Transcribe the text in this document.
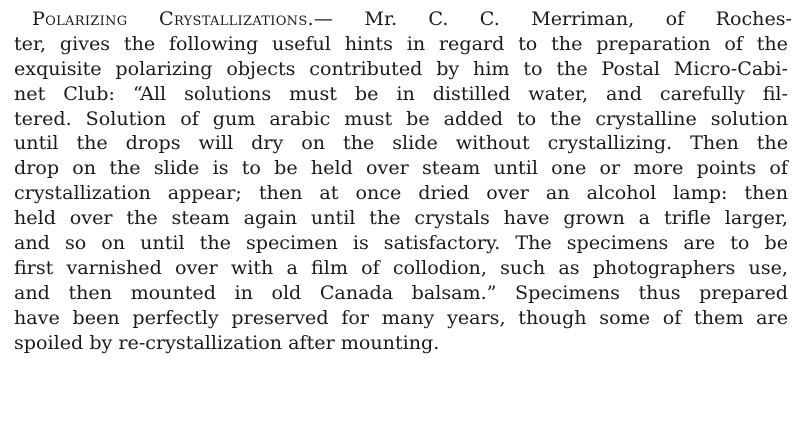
Polarizing Crystallizations.— Mr. C. C. Merriman, of Roches-
ter, gives the following useful hints in regard to the preparation of the
exquisite polarizing objects contributed by him to the Postal Micro-Cabi-
net Club: “All solutions must be in distilled water, and carefully fil-
tered. Solution of gum arabic must be added to the crystalline solution
until the drops will dry on the slide without crystallizing. Then the
drop on the slide is to be held over steam until one or more points of
crystallization appear; then at once dried over an alcohol lamp: then
held over the steam again until the crystals have grown a trifle larger,
and so on until the specimen is satisfactory. The specimens are to be
first varnished over with a film of collodion, such as photographers use,
and then mounted in old Canada balsam.” Specimens thus prepared
have been perfectly preserved for many years, though some of them are
spoiled by re-crystallization after mounting.
